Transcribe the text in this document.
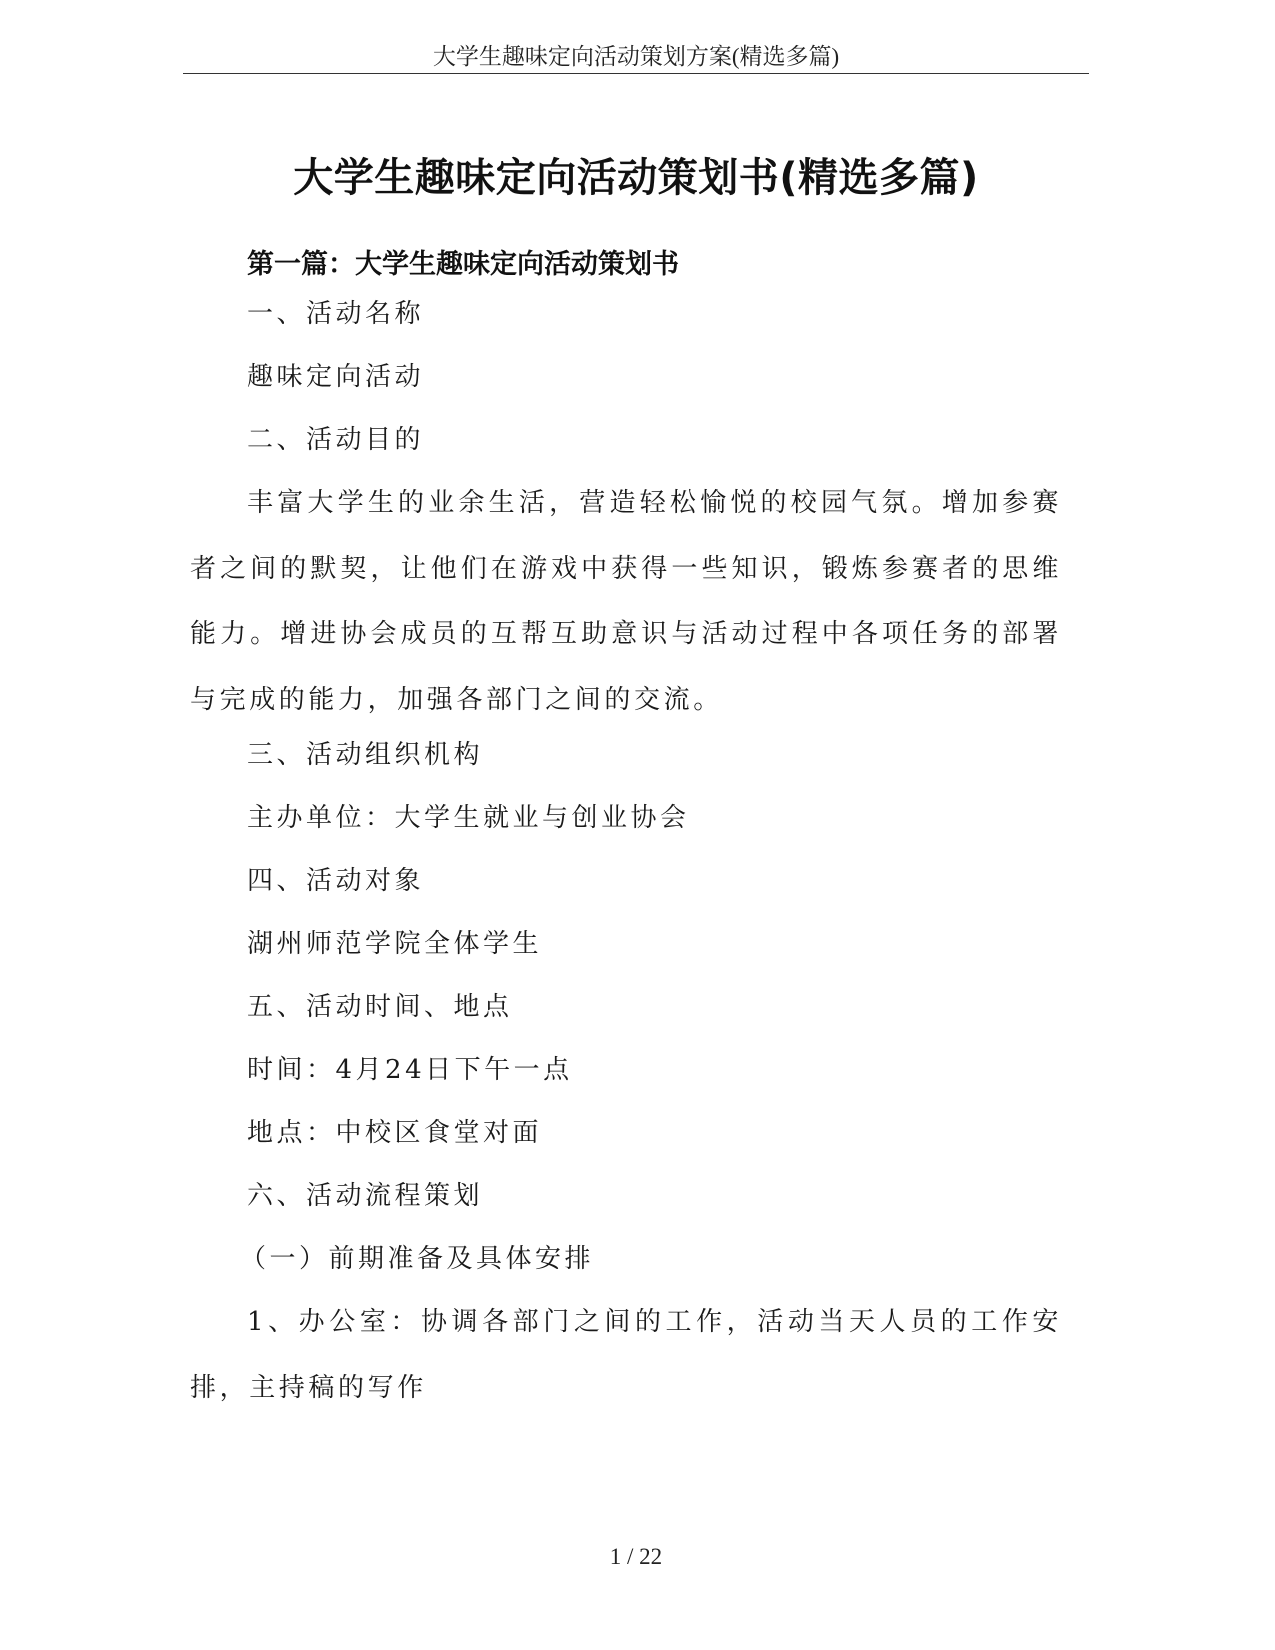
大学生趣味定向活动策划方案(精选多篇)
大学生趣味定向活动策划书(精选多篇)
第一篇：大学生趣味定向活动策划书
一、活动名称
趣味定向活动
二、活动目的
丰富大学生的业余生活，营造轻松愉悦的校园气氛。增加参赛者之间的默契，让他们在游戏中获得一些知识，锻炼参赛者的思维能力。增进协会成员的互帮互助意识与活动过程中各项任务的部署与完成的能力，加强各部门之间的交流。
三、活动组织机构
主办单位：大学生就业与创业协会
四、活动对象
湖州师范学院全体学生
五、活动时间、地点
时间：4月24日下午一点
地点：中校区食堂对面
六、活动流程策划
（一）前期准备及具体安排
1、办公室：协调各部门之间的工作，活动当天人员的工作安排，主持稿的写作
1 / 22
